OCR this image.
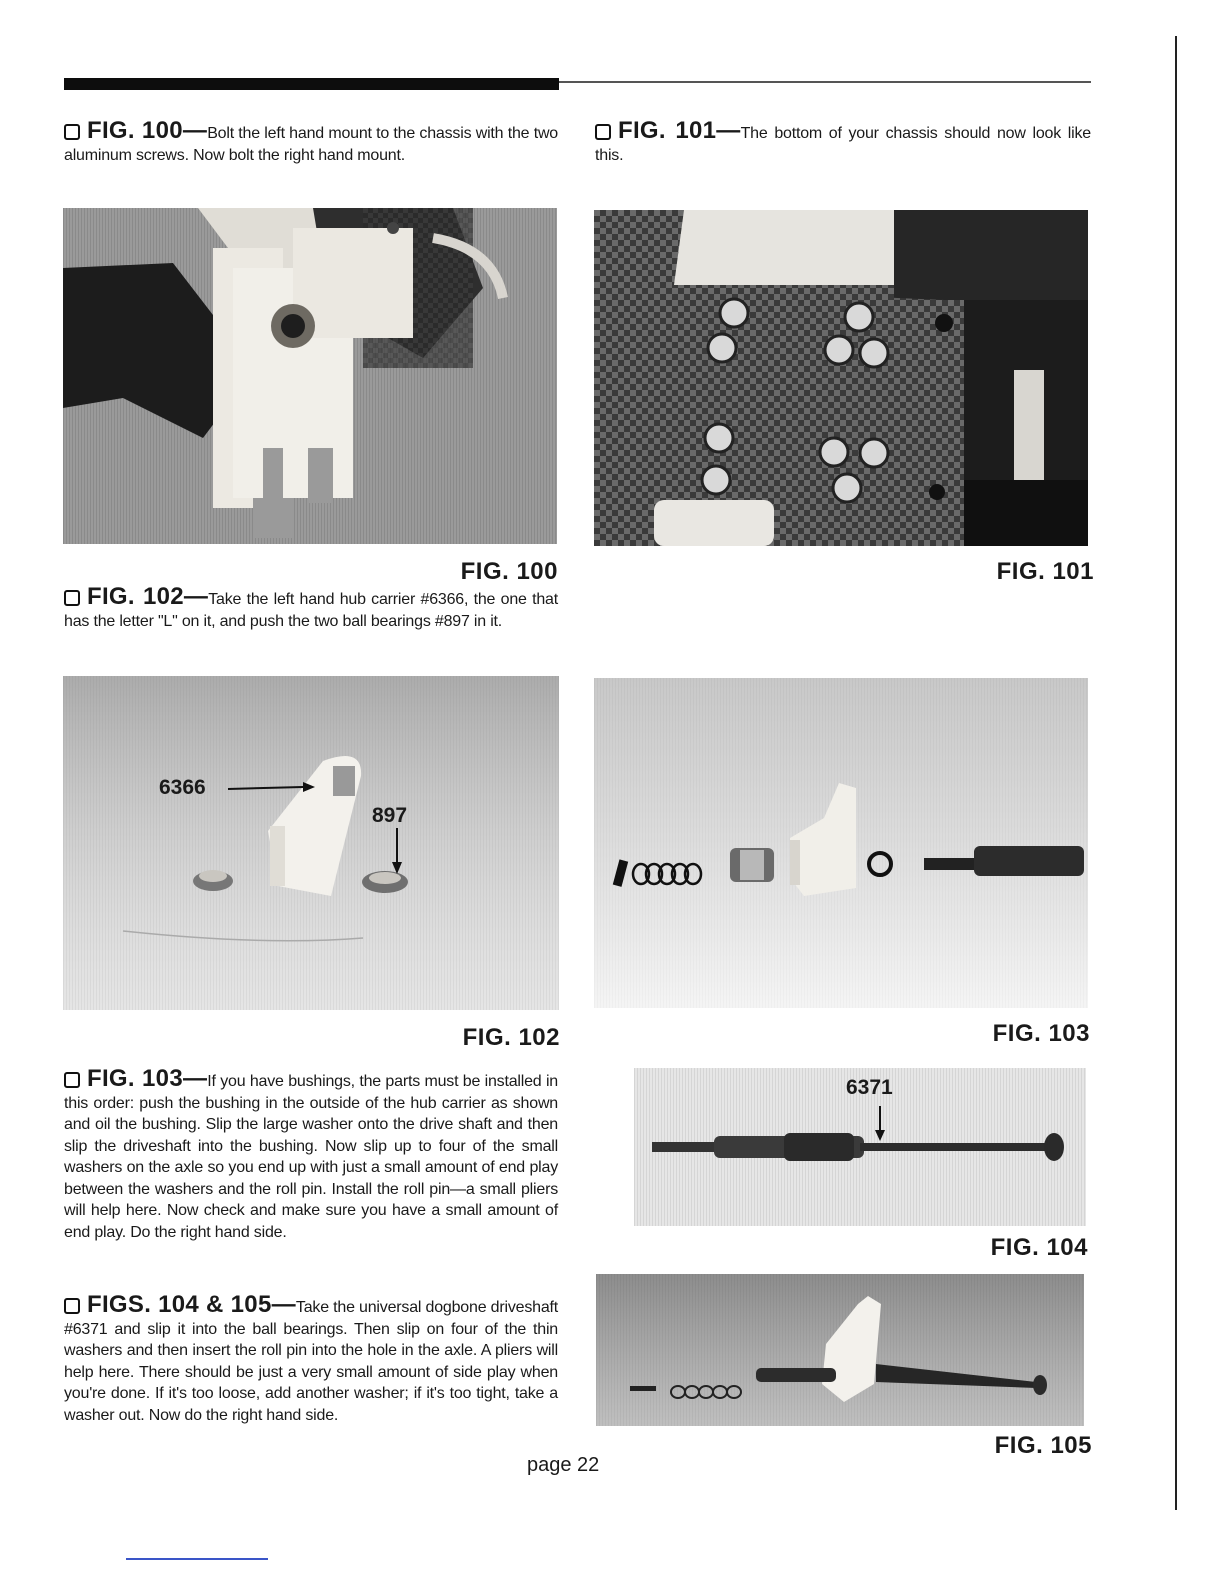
FIG. 100—Bolt the left hand mount to the chassis with the two aluminum screws. Now bolt the right hand mount.
FIG. 101—The bottom of your chassis should now look like this.
FIG. 100	FIG. 101
FIG. 102—Take the left hand hub carrier #6366, the one that has the letter "L" on it, and push the two ball bearings #897 in it.
6366
897
FIG. 102	FIG. 103
FIG. 103—If you have bushings, the parts must be installed in this order: push the bushing in the outside of the hub carrier as shown and oil the bushing. Slip the large washer onto the drive shaft and then slip the driveshaft into the bushing. Now slip up to four of the small washers on the axle so you end up with just a small amount of end play between the washers and the roll pin. Install the roll pin—a small pliers will help here. Now check and make sure you have a small amount of end play. Do the right hand side.
6371
FIG. 104
FIGS. 104 & 105—Take the universal dogbone driveshaft #6371 and slip it into the ball bearings. Then slip on four of the thin washers and then insert the roll pin into the hole in the axle. A pliers will help here. There should be just a very small amount of side play when you're done. If it's too loose, add another washer; if it's too tight, take a washer out. Now do the right hand side.
FIG. 105
page 22
